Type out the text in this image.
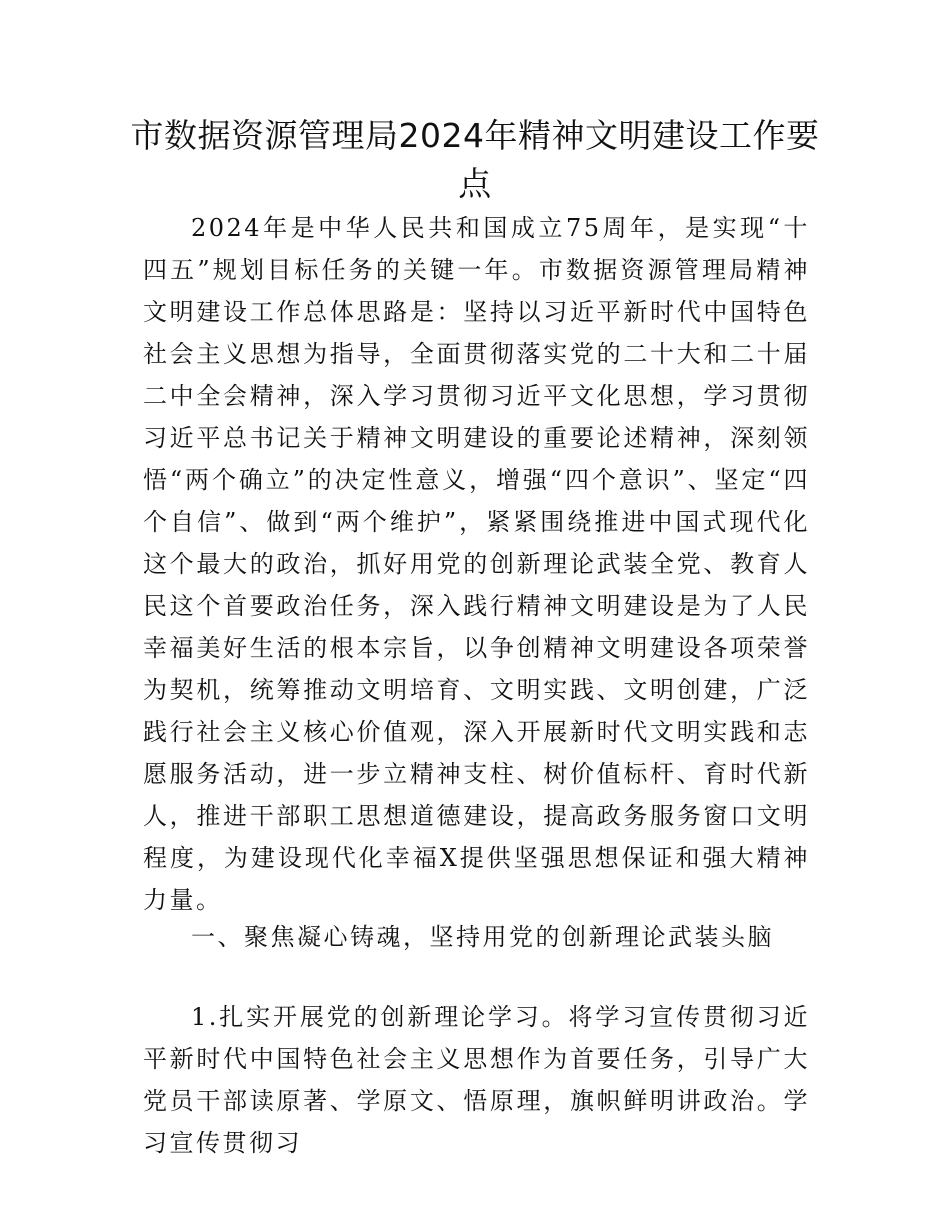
市数据资源管理局2024年精神文明建设工作要点

2024年是中华人民共和国成立75周年，是实现“十四五”规划目标任务的关键一年。市数据资源管理局精神文明建设工作总体思路是：坚持以习近平新时代中国特色社会主义思想为指导，全面贯彻落实党的二十大和二十届二中全会精神，深入学习贯彻习近平文化思想，学习贯彻习近平总书记关于精神文明建设的重要论述精神，深刻领悟“两个确立”的决定性意义，增强“四个意识”、坚定“四个自信”、做到“两个维护”，紧紧围绕推进中国式现代化这个最大的政治，抓好用党的创新理论武装全党、教育人民这个首要政治任务，深入践行精神文明建设是为了人民幸福美好生活的根本宗旨，以争创精神文明建设各项荣誉为契机，统筹推动文明培育、文明实践、文明创建，广泛践行社会主义核心价值观，深入开展新时代文明实践和志愿服务活动，进一步立精神支柱、树价值标杆、育时代新人，推进干部职工思想道德建设，提高政务服务窗口文明程度，为建设现代化幸福X提供坚强思想保证和强大精神力量。

一、聚焦凝心铸魂，坚持用党的创新理论武装头脑

1.扎实开展党的创新理论学习。将学习宣传贯彻习近平新时代中国特色社会主义思想作为首要任务，引导广大党员干部读原著、学原文、悟原理，旗帜鲜明讲政治。学习宣传贯彻习
